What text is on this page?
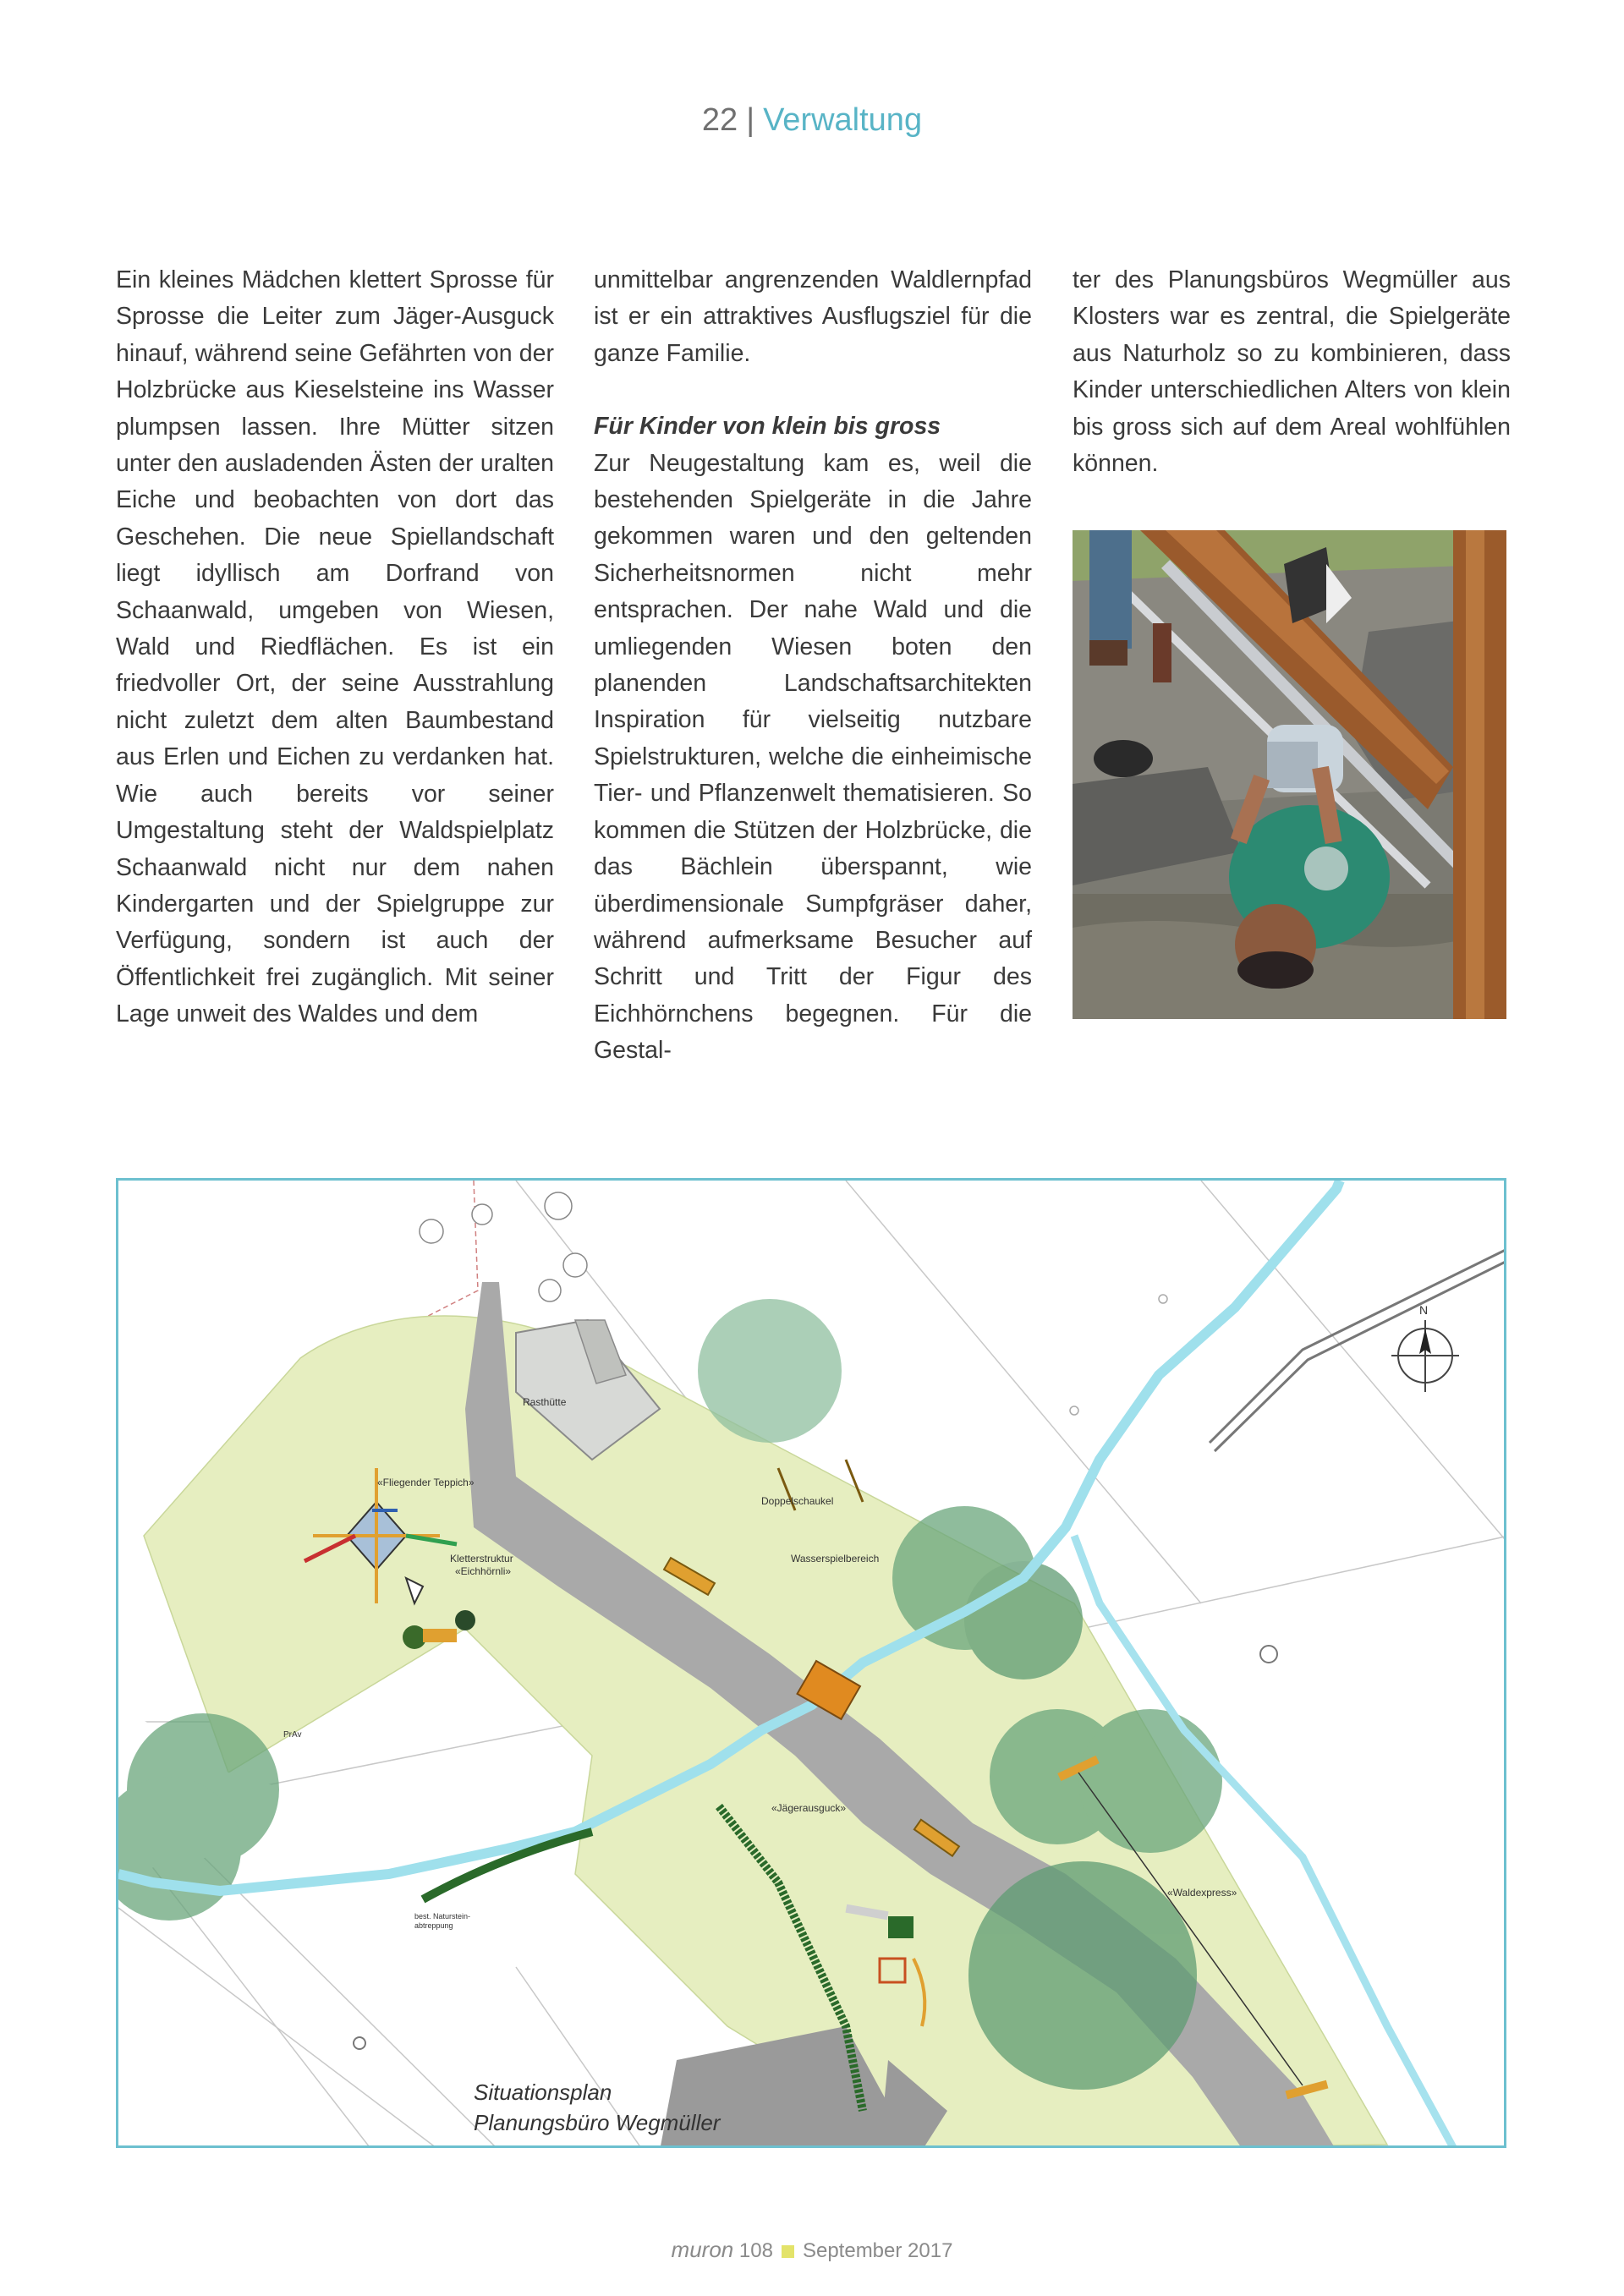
22 | Verwaltung

Ein kleines Mädchen klettert Sprosse für Sprosse die Leiter zum Jäger-Ausguck hinauf, während seine Gefährten von der Holzbrücke aus Kieselsteine ins Wasser plumpsen lassen. Ihre Mütter sitzen unter den ausladenden Ästen der uralten Eiche und beobachten von dort das Geschehen. Die neue Spiellandschaft liegt idyllisch am Dorfrand von Schaanwald, umgeben von Wiesen, Wald und Riedflächen. Es ist ein friedvoller Ort, der seine Ausstrahlung nicht zuletzt dem alten Baumbestand aus Erlen und Eichen zu verdanken hat. Wie auch bereits vor seiner Umgestaltung steht der Waldspielplatz Schaanwald nicht nur dem nahen Kindergarten und der Spielgruppe zur Verfügung, sondern ist auch der Öffentlichkeit frei zugänglich. Mit seiner Lage unweit des Waldes und dem

unmittelbar angrenzenden Waldlernpfad ist er ein attraktives Ausflugsziel für die ganze Familie.

Für Kinder von klein bis gross

Zur Neugestaltung kam es, weil die bestehenden Spielgeräte in die Jahre gekommen waren und den geltenden Sicherheitsnormen nicht mehr entsprachen. Der nahe Wald und die umliegenden Wiesen boten den planenden Landschaftsarchitekten Inspiration für vielseitig nutzbare Spielstrukturen, welche die einheimische Tier- und Pflanzenwelt thematisieren. So kommen die Stützen der Holzbrücke, die das Bächlein überspannt, wie überdimensionale Sumpfgräser daher, während aufmerksame Besucher auf Schritt und Tritt der Figur des Eichhörnchens begegnen. Für die Gestal-

ter des Planungsbüros Wegmüller aus Klosters war es zentral, die Spielgeräte aus Naturholz so zu kombinieren, dass Kinder unterschiedlichen Alters von klein bis gross sich auf dem Areal wohlfühlen können.

Rasthütte
«Fliegender Teppich»
Kletterstruktur
«Eichhörnli»
Doppelschaukel
Wasserspielbereich
«Jägerausguck»
«Waldexpress»
N
PrAv
best. Naturstein-
abtreppung
Situationsplan
Planungsbüro Wegmüller
muron 108 September 2017
